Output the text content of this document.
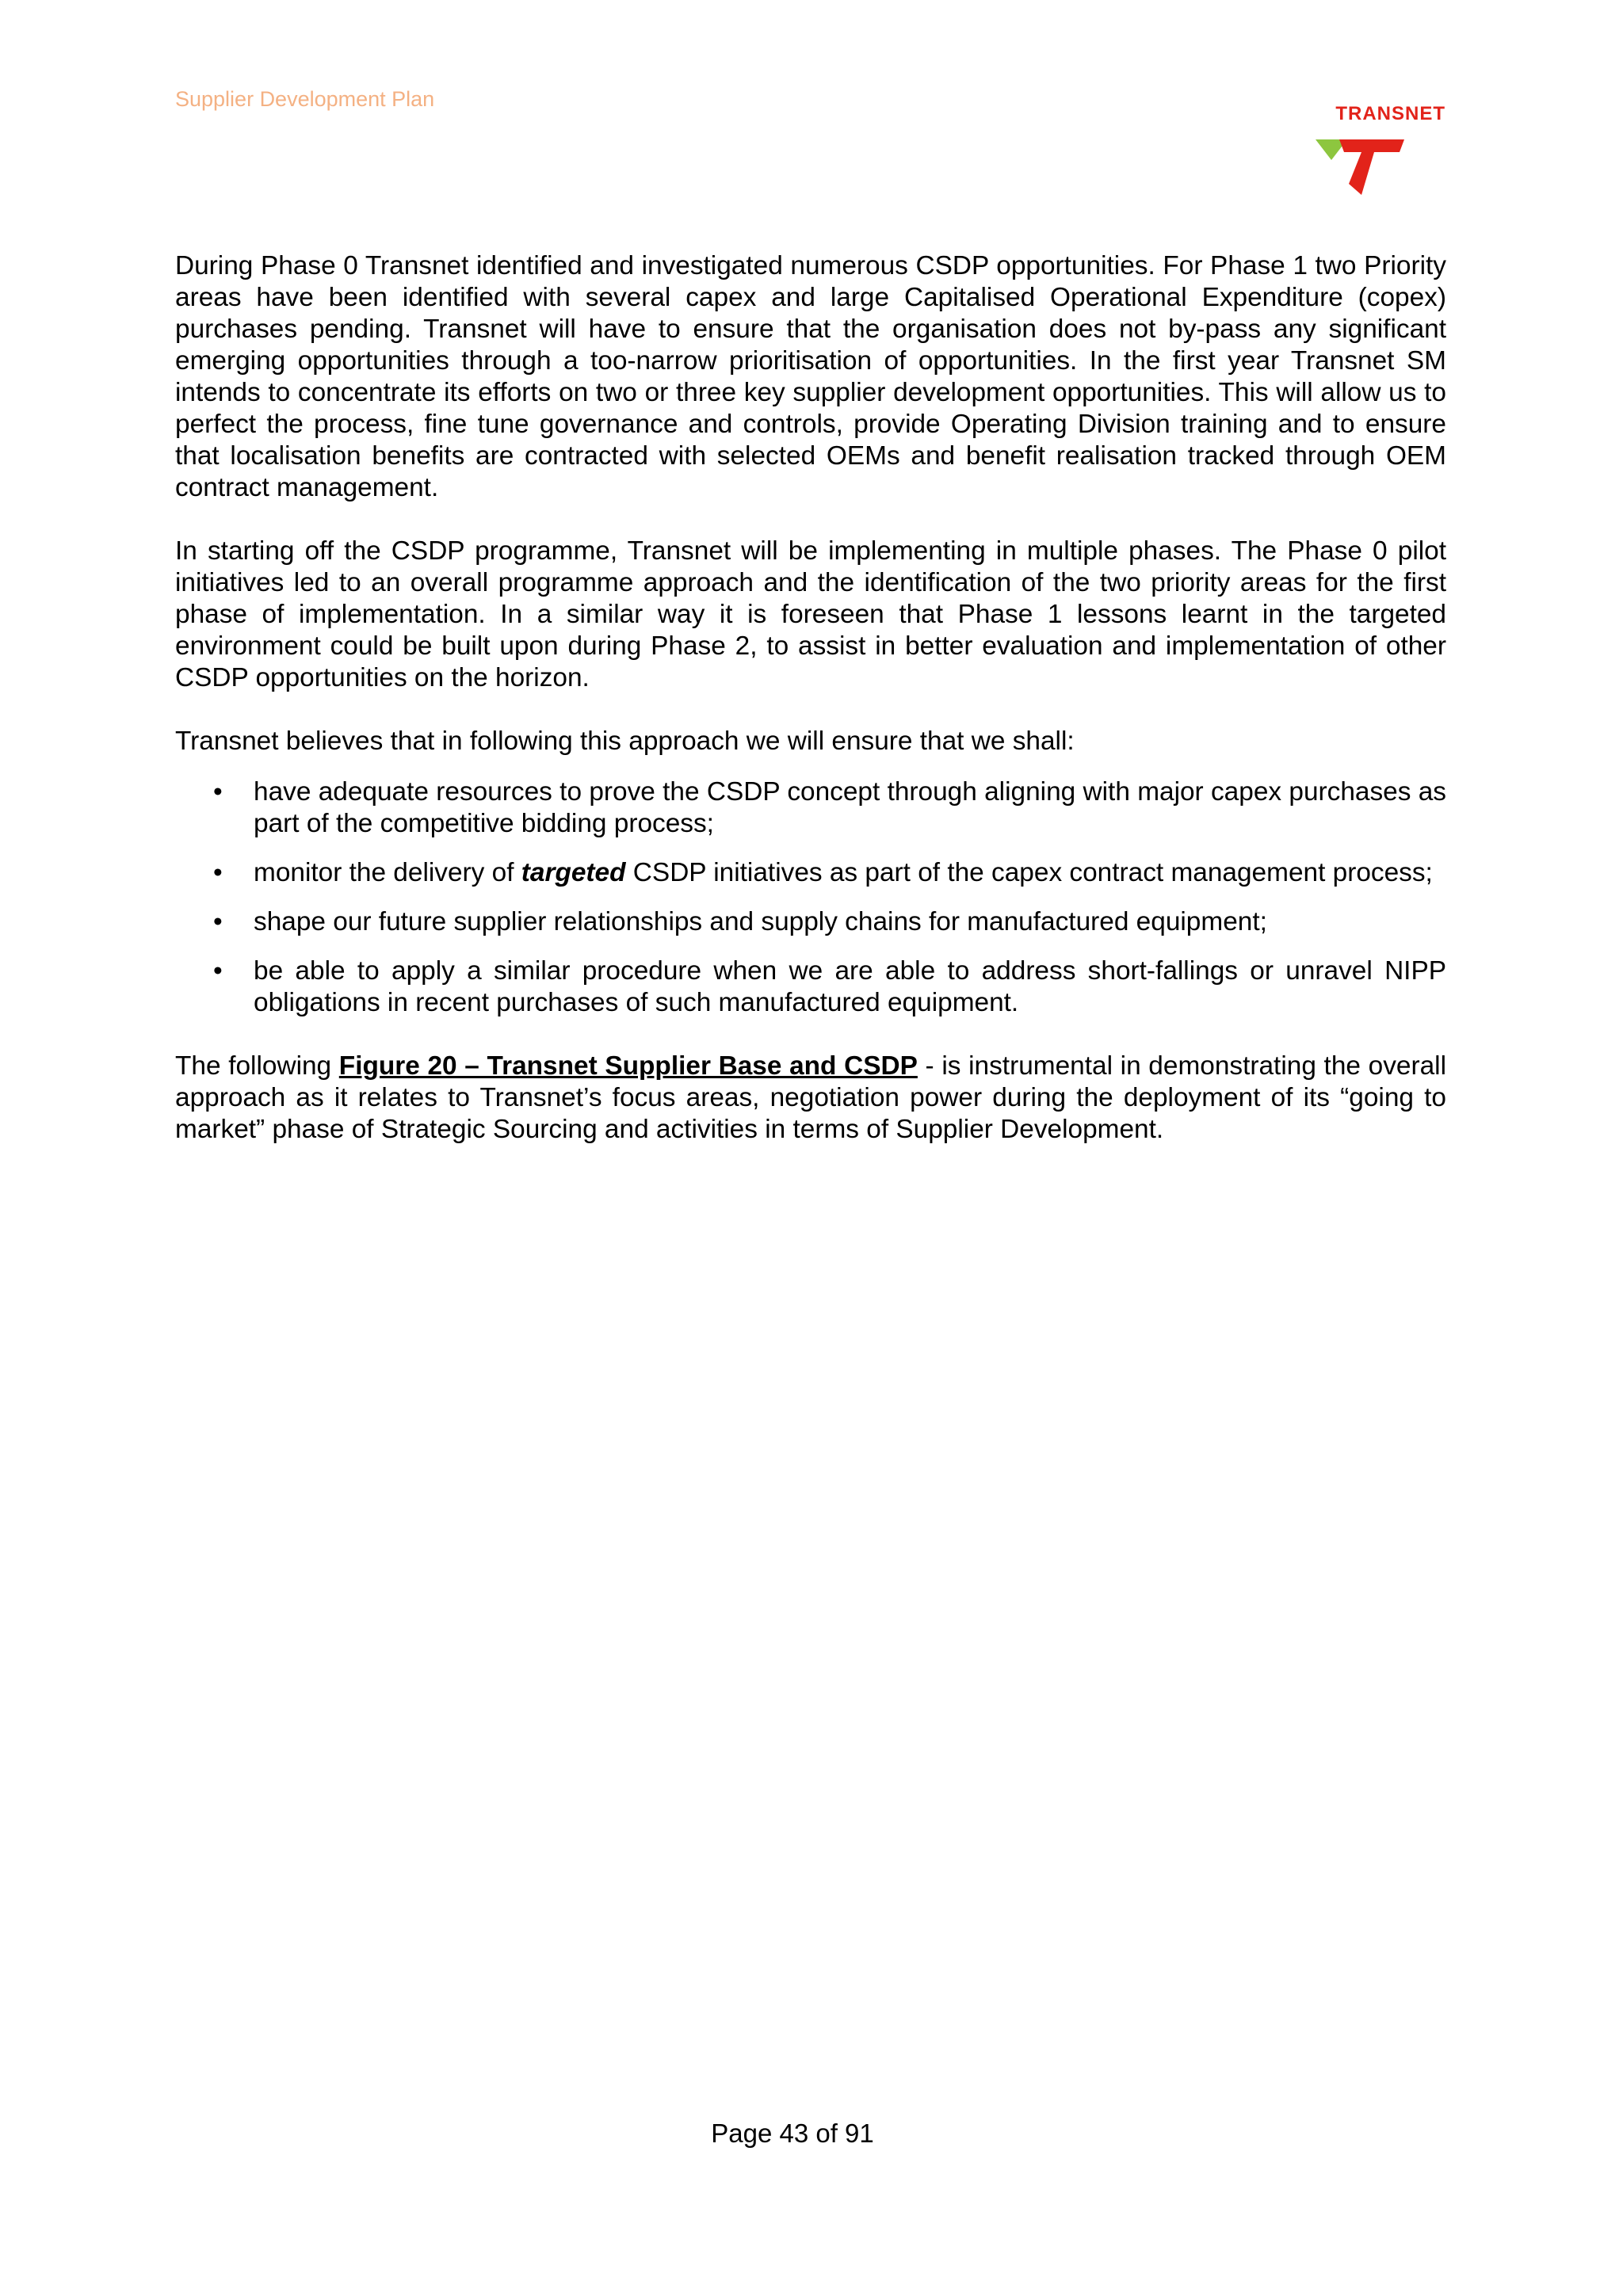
Supplier Development Plan
TRANSNET

During Phase 0 Transnet identified and investigated numerous CSDP opportunities. For Phase 1 two Priority areas have been identified with several capex and large Capitalised Operational Expenditure (copex) purchases pending. Transnet will have to ensure that the organisation does not by-pass any significant emerging opportunities through a too-narrow prioritisation of opportunities. In the first year Transnet SM intends to concentrate its efforts on two or three key supplier development opportunities. This will allow us to perfect the process, fine tune governance and controls, provide Operating Division training and to ensure that localisation benefits are contracted with selected OEMs and benefit realisation tracked through OEM contract management.

In starting off the CSDP programme, Transnet will be implementing in multiple phases. The Phase 0 pilot initiatives led to an overall programme approach and the identification of the two priority areas for the first phase of implementation. In a similar way it is foreseen that Phase 1 lessons learnt in the targeted environment could be built upon during Phase 2, to assist in better evaluation and implementation of other CSDP opportunities on the horizon.

Transnet believes that in following this approach we will ensure that we shall:

• have adequate resources to prove the CSDP concept through aligning with major capex purchases as part of the competitive bidding process;
• monitor the delivery of targeted CSDP initiatives as part of the capex contract management process;
• shape our future supplier relationships and supply chains for manufactured equipment;
• be able to apply a similar procedure when we are able to address short-fallings or unravel NIPP obligations in recent purchases of such manufactured equipment.

The following Figure 20 – Transnet Supplier Base and CSDP - is instrumental in demonstrating the overall approach as it relates to Transnet’s focus areas, negotiation power during the deployment of its “going to market” phase of Strategic Sourcing and activities in terms of Supplier Development.

Page 43 of 91
